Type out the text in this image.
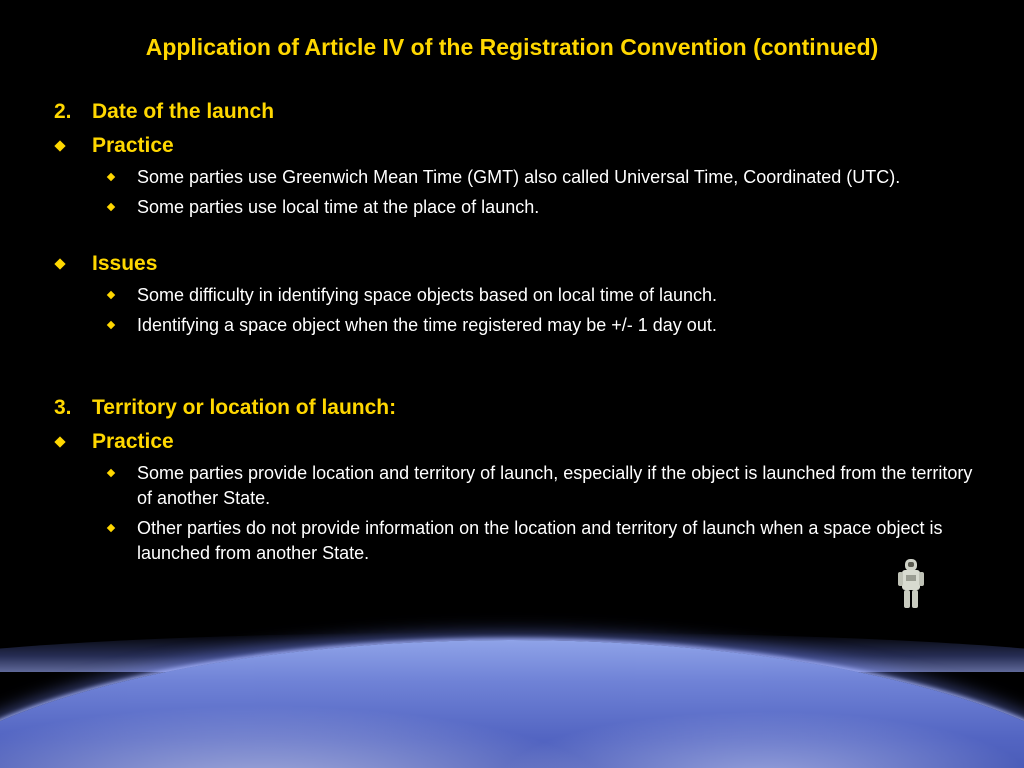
Application of Article IV of the Registration Convention (continued)
2. Date of the launch
Practice
Some parties use Greenwich Mean Time (GMT) also called Universal Time, Coordinated (UTC).
Some parties use local time at the place of launch.
Issues
Some difficulty in identifying space objects based on local time of launch.
Identifying a space object when the time registered may be +/- 1 day out.
3. Territory or location of launch:
Practice
Some parties provide location and territory of launch, especially if the object is launched from the territory of another State.
Other parties do not provide information on the location and territory of launch when a space object is launched from another State.
